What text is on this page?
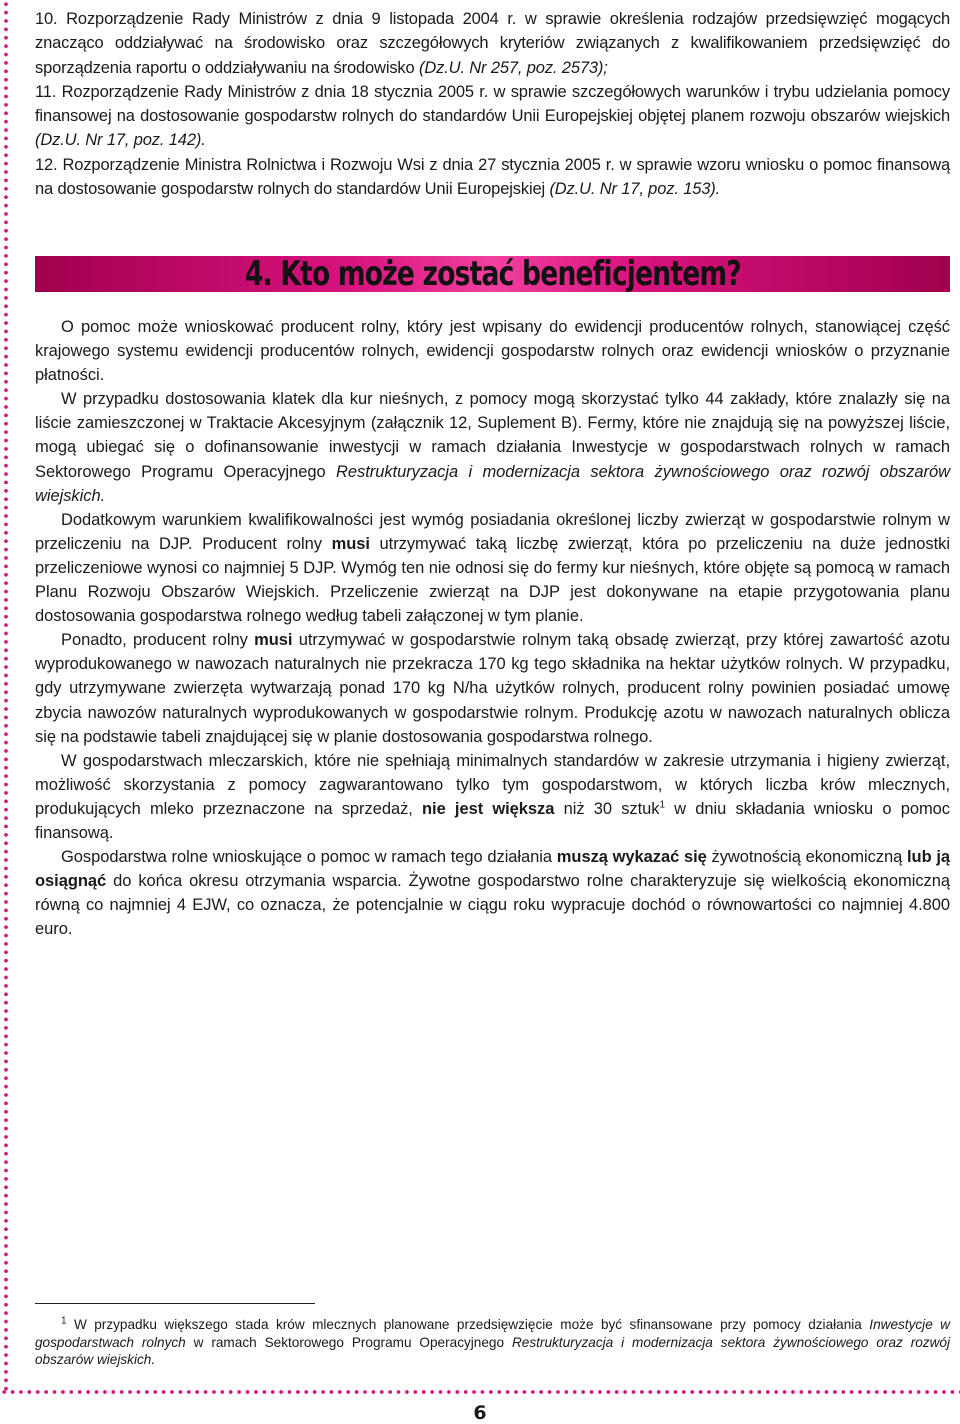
10. Rozporządzenie Rady Ministrów z dnia 9 listopada 2004 r. w sprawie określenia rodzajów przedsięwzięć mogących znacząco oddziaływać na środowisko oraz szczegółowych kryteriów związanych z kwalifikowaniem przedsięwzięć do sporządzenia raportu o oddziaływaniu na środowisko (Dz.U. Nr 257, poz. 2573);

11. Rozporządzenie Rady Ministrów z dnia 18 stycznia 2005 r. w sprawie szczegółowych warunków i trybu udzielania pomocy finansowej na dostosowanie gospodarstw rolnych do standardów Unii Europejskiej objętej planem rozwoju obszarów wiejskich (Dz.U. Nr 17, poz. 142).

12. Rozporządzenie Ministra Rolnictwa i Rozwoju Wsi z dnia 27 stycznia 2005 r. w sprawie wzoru wniosku o pomoc finansową na dostosowanie gospodarstw rolnych do standardów Unii Europejskiej (Dz.U. Nr 17, poz. 153).

4. Kto może zostać beneficjentem?

O pomoc może wnioskować producent rolny, który jest wpisany do ewidencji producentów rolnych, stanowiącej część krajowego systemu ewidencji producentów rolnych, ewidencji gospodarstw rolnych oraz ewidencji wniosków o przyznanie płatności.

W przypadku dostosowania klatek dla kur nieśnych, z pomocy mogą skorzystać tylko 44 zakłady, które znalazły się na liście zamieszczonej w Traktacie Akcesyjnym (załącznik 12, Suplement B). Fermy, które nie znajdują się na powyższej liście, mogą ubiegać się o dofinansowanie inwestycji w ramach działania Inwestycje w gospodarstwach rolnych w ramach Sektorowego Programu Operacyjnego Restrukturyzacja i modernizacja sektora żywnościowego oraz rozwój obszarów wiejskich.

Dodatkowym warunkiem kwalifikowalności jest wymóg posiadania określonej liczby zwierząt w gospodarstwie rolnym w przeliczeniu na DJP. Producent rolny musi utrzymywać taką liczbę zwierząt, która po przeliczeniu na duże jednostki przeliczeniowe wynosi co najmniej 5 DJP. Wymóg ten nie odnosi się do fermy kur nieśnych, które objęte są pomocą w ramach Planu Rozwoju Obszarów Wiejskich. Przeliczenie zwierząt na DJP jest dokonywane na etapie przygotowania planu dostosowania gospodarstwa rolnego według tabeli załączonej w tym planie.

Ponadto, producent rolny musi utrzymywać w gospodarstwie rolnym taką obsadę zwierząt, przy której zawartość azotu wyprodukowanego w nawozach naturalnych nie przekracza 170 kg tego składnika na hektar użytków rolnych. W przypadku, gdy utrzymywane zwierzęta wytwarzają ponad 170 kg N/ha użytków rolnych, producent rolny powinien posiadać umowę zbycia nawozów naturalnych wyprodukowanych w gospodarstwie rolnym. Produkcję azotu w nawozach naturalnych oblicza się na podstawie tabeli znajdującej się w planie dostosowania gospodarstwa rolnego.

W gospodarstwach mleczarskich, które nie spełniają minimalnych standardów w zakresie utrzymania i higieny zwierząt, możliwość skorzystania z pomocy zagwarantowano tylko tym gospodarstwom, w których liczba krów mlecznych, produkujących mleko przeznaczone na sprzedaż, nie jest większa niż 30 sztuk$^1$ w dniu składania wniosku o pomoc finansową.

Gospodarstwa rolne wnioskujące o pomoc w ramach tego działania muszą wykazać się żywotnością ekonomiczną lub ją osiągnąć do końca okresu otrzymania wsparcia. Żywotne gospodarstwo rolne charakteryzuje się wielkością ekonomiczną równą co najmniej 4 EJW, co oznacza, że potencjalnie w ciągu roku wypracuje dochód o równowartości co najmniej 4.800 euro.

$^1$ W przypadku większego stada krów mlecznych planowane przedsięwzięcie może być sfinansowane przy pomocy działania Inwestycje w gospodarstwach rolnych w ramach Sektorowego Programu Operacyjnego Restrukturyzacja i modernizacja sektora żywnościowego oraz rozwój obszarów wiejskich.
6
